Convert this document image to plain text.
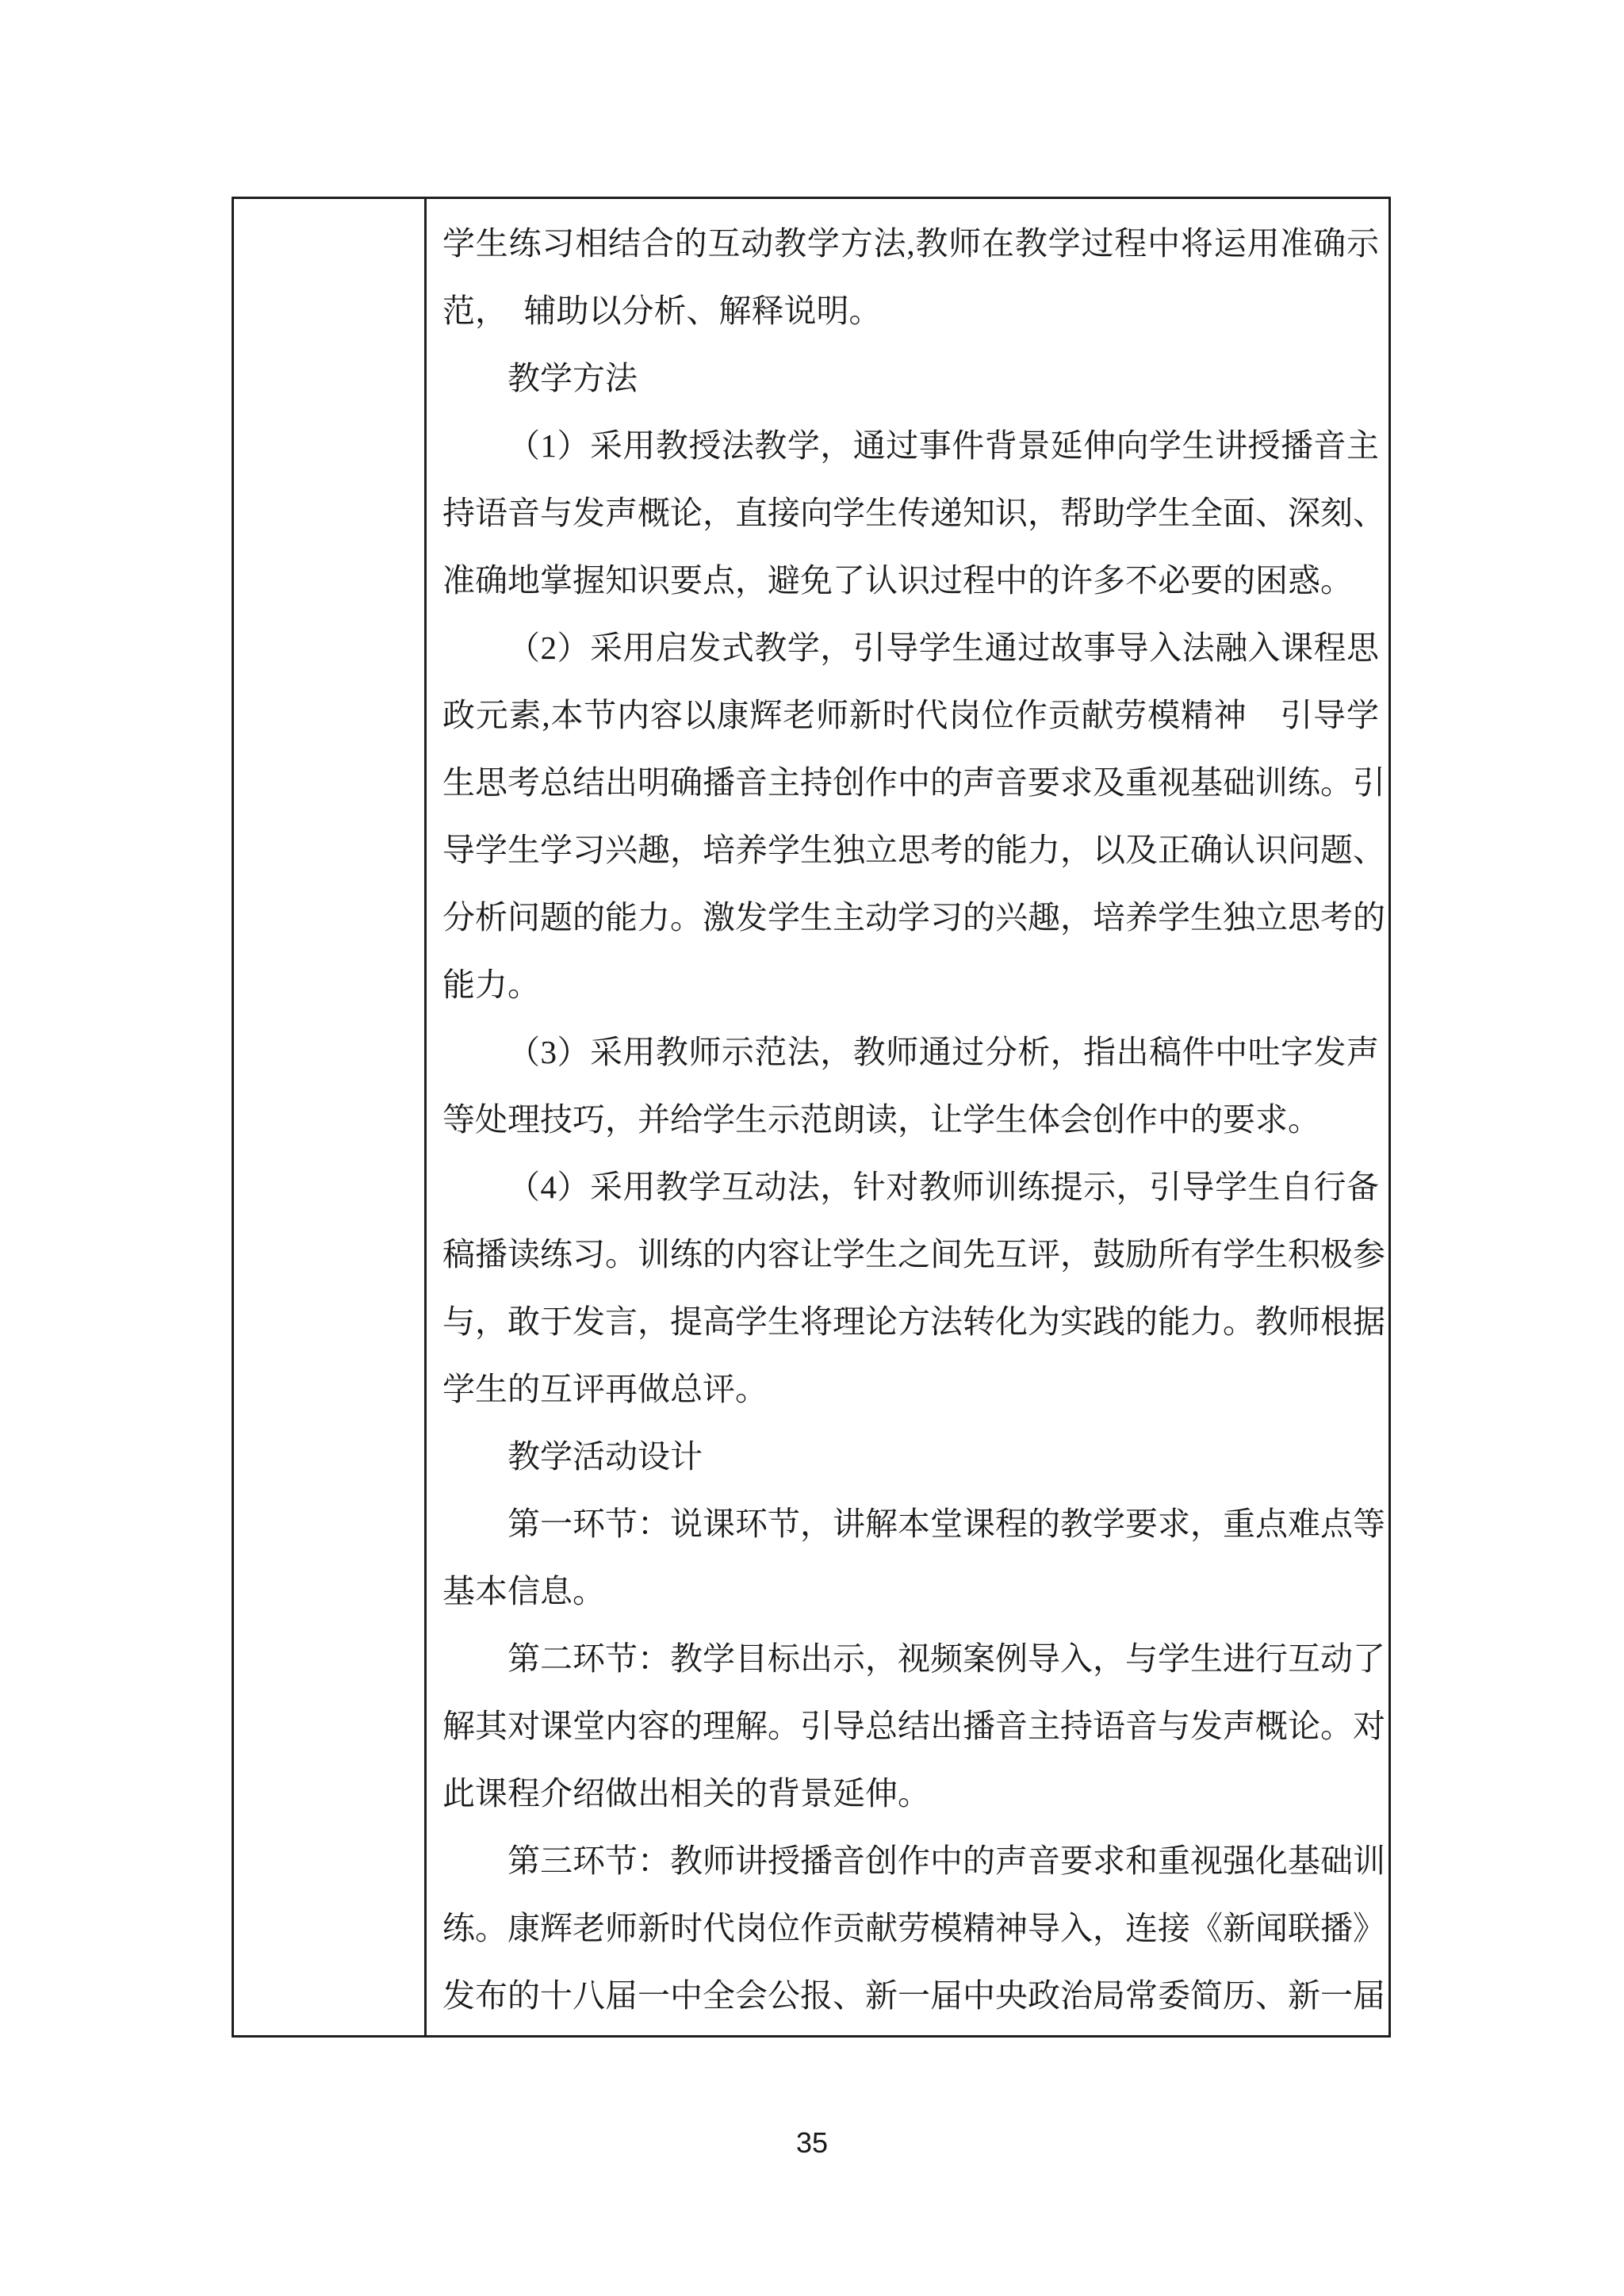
学生练习相结合的互动教学方法,教师在教学过程中将运用准确示
范，　辅助以分析、解释说明。
教学方法
（1）采用教授法教学，通过事件背景延伸向学生讲授播音主
持语音与发声概论，直接向学生传递知识，帮助学生全面、深刻、
准确地掌握知识要点，避免了认识过程中的许多不必要的困惑。
（2）采用启发式教学，引导学生通过故事导入法融入课程思
政元素,本节内容以康辉老师新时代岗位作贡献劳模精神　引导学
生思考总结出明确播音主持创作中的声音要求及重视基础训练。引
导学生学习兴趣，培养学生独立思考的能力，以及正确认识问题、
分析问题的能力。激发学生主动学习的兴趣，培养学生独立思考的
能力。
（3）采用教师示范法，教师通过分析，指出稿件中吐字发声
等处理技巧，并给学生示范朗读，让学生体会创作中的要求。
（4）采用教学互动法，针对教师训练提示，引导学生自行备
稿播读练习。训练的内容让学生之间先互评，鼓励所有学生积极参
与，敢于发言，提高学生将理论方法转化为实践的能力。教师根据
学生的互评再做总评。
教学活动设计
第一环节：说课环节，讲解本堂课程的教学要求，重点难点等
基本信息。
第二环节：教学目标出示，视频案例导入，与学生进行互动了
解其对课堂内容的理解。引导总结出播音主持语音与发声概论。对
此课程介绍做出相关的背景延伸。
第三环节：教师讲授播音创作中的声音要求和重视强化基础训
练。康辉老师新时代岗位作贡献劳模精神导入，连接《新闻联播》
发布的十八届一中全会公报、新一届中央政治局常委简历、新一届
35
